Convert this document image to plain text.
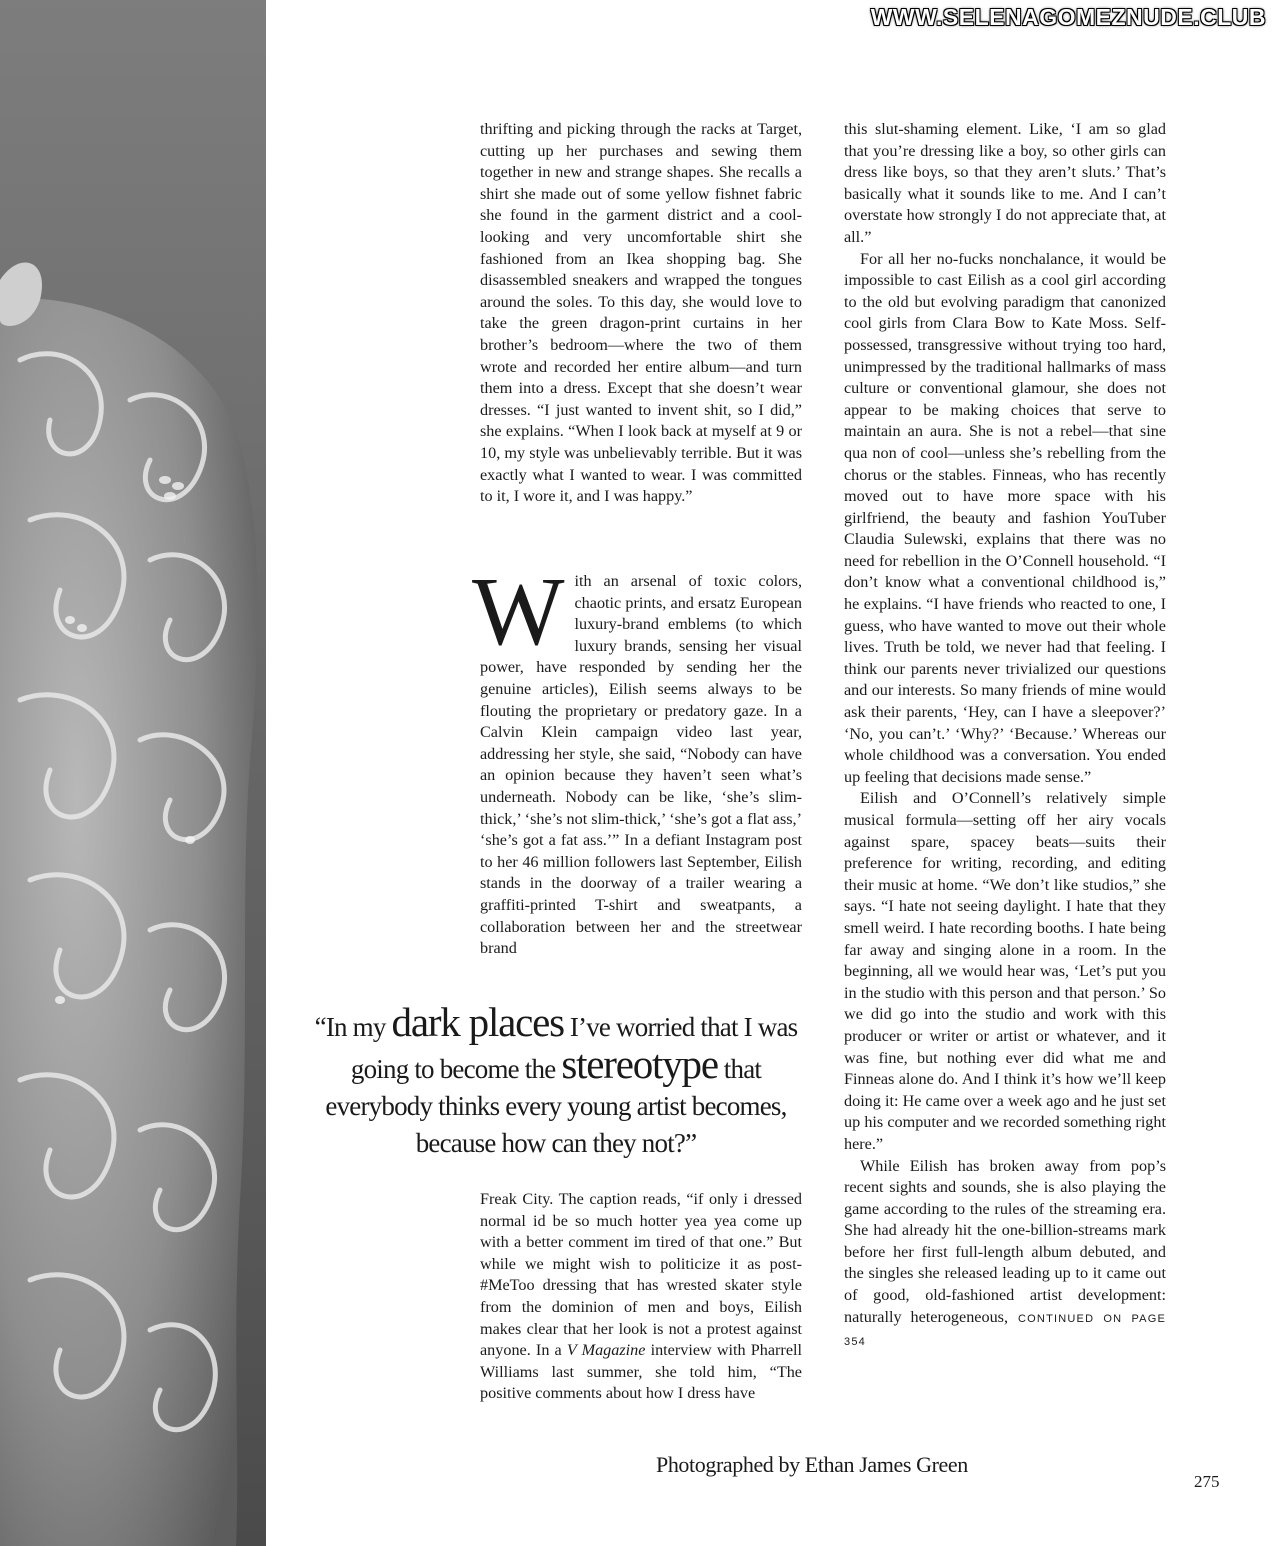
WWW.SELENAGOMEZNUDE.CLUB

thrifting and picking through the racks at Target, cutting up her purchases and sewing them together in new and strange shapes. She recalls a shirt she made out of some yellow fishnet fabric she found in the garment district and a cool-looking and very uncomfortable shirt she fashioned from an Ikea shopping bag. She disassembled sneakers and wrapped the tongues around the soles. To this day, she would love to take the green dragon-print curtains in her brother’s bedroom—where the two of them wrote and recorded her entire album—and turn them into a dress. Except that she doesn’t wear dresses. “I just wanted to invent shit, so I did,” she explains. “When I look back at myself at 9 or 10, my style was unbelievably terrible. But it was exactly what I wanted to wear. I was committed to it, I wore it, and I was happy.”

With an arsenal of toxic colors, chaotic prints, and ersatz European luxury-brand emblems (to which luxury brands, sensing her visual power, have responded by sending her the genuine articles), Eilish seems always to be flouting the proprietary or predatory gaze. In a Calvin Klein campaign video last year, addressing her style, she said, “Nobody can have an opinion because they haven’t seen what’s underneath. Nobody can be like, ‘she’s slim-thick,’ ‘she’s not slim-thick,’ ‘she’s got a flat ass,’ ‘she’s got a fat ass.’” In a defiant Instagram post to her 46 million followers last September, Eilish stands in the doorway of a trailer wearing a graffiti-printed T-shirt and sweatpants, a collaboration between her and the streetwear brand

“In my dark places I’ve worried that I was going to become the stereotype that everybody thinks every young artist becomes, because how can they not?”

Freak City. The caption reads, “if only i dressed normal id be so much hotter yea yea come up with a better comment im tired of that one.” But while we might wish to politicize it as post-#MeToo dressing that has wrested skater style from the dominion of men and boys, Eilish makes clear that her look is not a protest against anyone. In a V Magazine interview with Pharrell Williams last summer, she told him, “The positive comments about how I dress have

this slut-shaming element. Like, ‘I am so glad that you’re dressing like a boy, so other girls can dress like boys, so that they aren’t sluts.’ That’s basically what it sounds like to me. And I can’t overstate how strongly I do not appreciate that, at all.”

For all her no-fucks nonchalance, it would be impossible to cast Eilish as a cool girl according to the old but evolving paradigm that canonized cool girls from Clara Bow to Kate Moss. Self-possessed, transgressive without trying too hard, unimpressed by the traditional hallmarks of mass culture or conventional glamour, she does not appear to be making choices that serve to maintain an aura. She is not a rebel—that sine qua non of cool—unless she’s rebelling from the chorus or the stables. Finneas, who has recently moved out to have more space with his girlfriend, the beauty and fashion YouTuber Claudia Sulewski, explains that there was no need for rebellion in the O’Connell household. “I don’t know what a conventional childhood is,” he explains. “I have friends who reacted to one, I guess, who have wanted to move out their whole lives. Truth be told, we never had that feeling. I think our parents never trivialized our questions and our interests. So many friends of mine would ask their parents, ‘Hey, can I have a sleepover?’ ‘No, you can’t.’ ‘Why?’ ‘Because.’ Whereas our whole childhood was a conversation. You ended up feeling that decisions made sense.”

Eilish and O’Connell’s relatively simple musical formula—setting off her airy vocals against spare, spacey beats—suits their preference for writing, recording, and editing their music at home. “We don’t like studios,” she says. “I hate not seeing daylight. I hate that they smell weird. I hate recording booths. I hate being far away and singing alone in a room. In the beginning, all we would hear was, ‘Let’s put you in the studio with this person and that person.’ So we did go into the studio and work with this producer or writer or artist or whatever, and it was fine, but nothing ever did what me and Finneas alone do. And I think it’s how we’ll keep doing it: He came over a week ago and he just set up his computer and we recorded something right here.”

While Eilish has broken away from pop’s recent sights and sounds, she is also playing the game according to the rules of the streaming era. She had already hit the one-billion-streams mark before her first full-length album debuted, and the singles she released leading up to it came out of good, old-fashioned artist development: naturally heterogeneous, CONTINUED ON PAGE 354

Photographed by Ethan James Green
275
